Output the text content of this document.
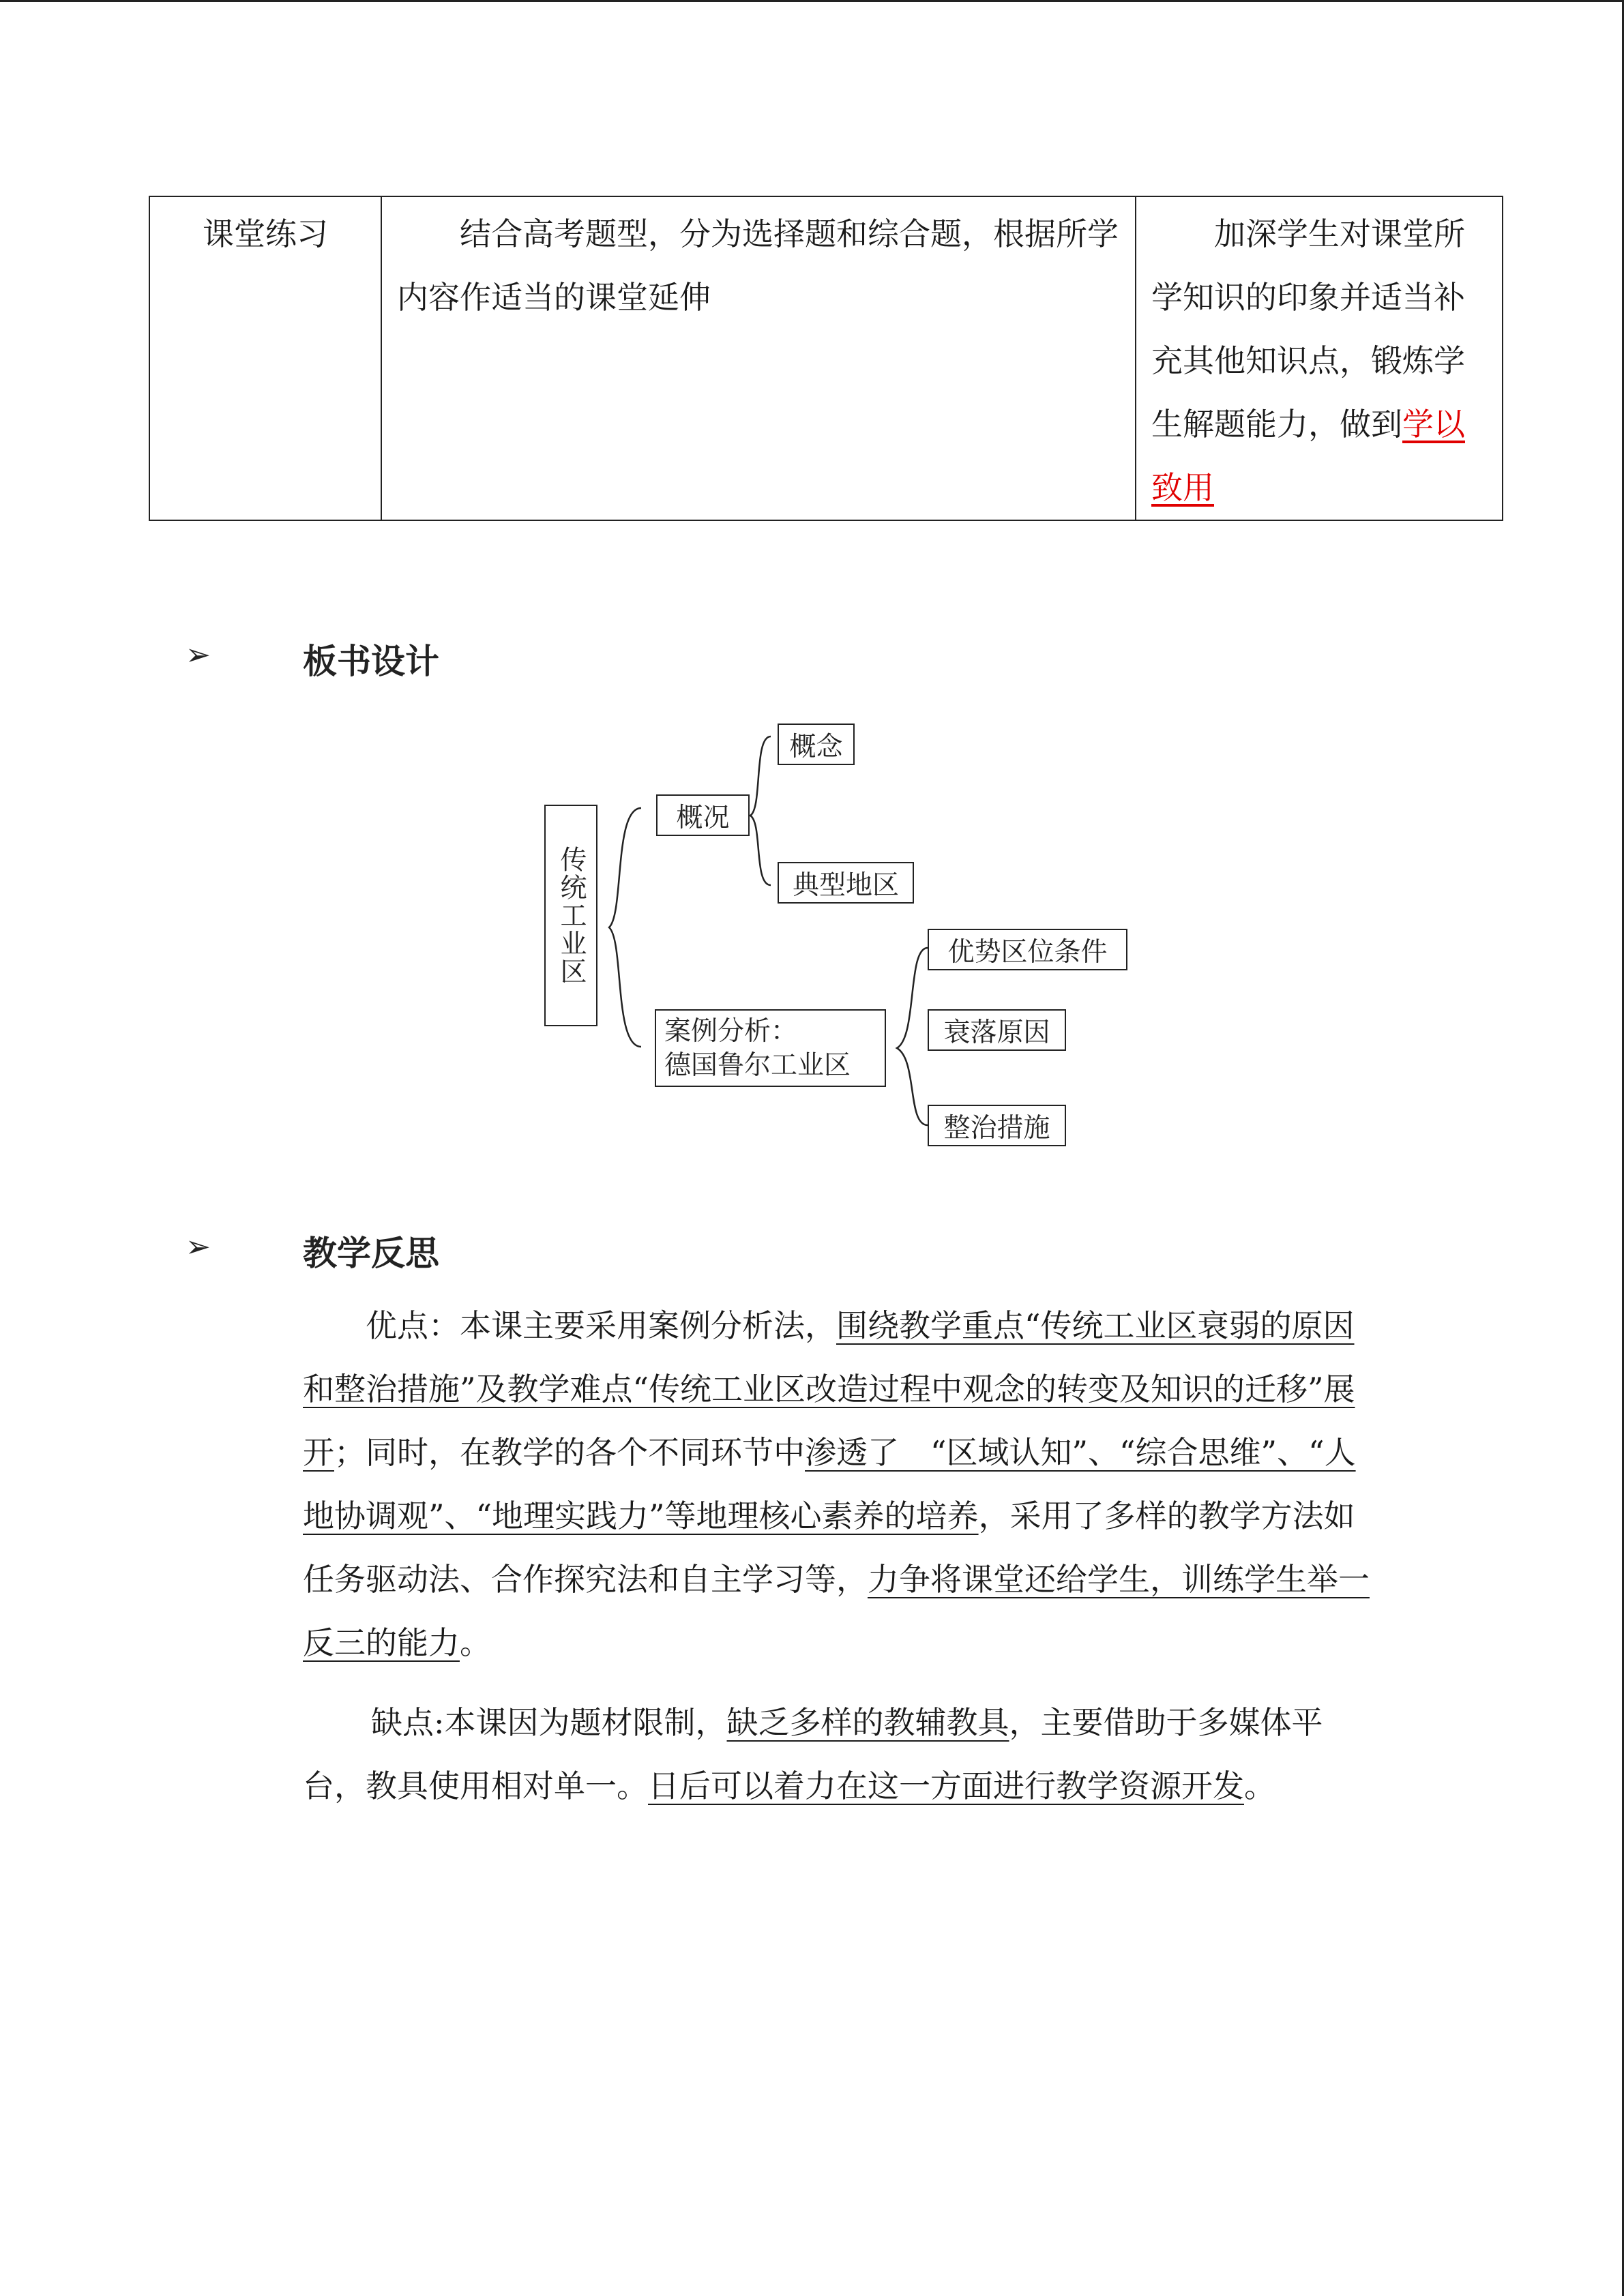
课堂练习	结合高考题型，分为选择题和综合题，根据所学内容作适当的课堂延伸	加深学生对课堂所学知识的印象并适当补充其他知识点，锻炼学生解题能力，做到学以致用
➢	板书设计
传统工业区
概况
概念
典型地区
案例分析：
德国鲁尔工业区
优势区位条件
衰落原因
整治措施
➢	教学反思

优点：本课主要采用案例分析法，围绕教学重点“传统工业区衰弱的原因和整治措施”及教学难点“传统工业区改造过程中观念的转变及知识的迁移”展开；同时，在教学的各个不同环节中渗透了　“区域认知”、“综合思维”、“人地协调观”、“地理实践力”等地理核心素养的培养，采用了多样的教学方法如任务驱动法、合作探究法和自主学习等，力争将课堂还给学生，训练学生举一反三的能力。

缺点:本课因为题材限制，缺乏多样的教辅教具，主要借助于多媒体平台，教具使用相对单一。日后可以着力在这一方面进行教学资源开发。
